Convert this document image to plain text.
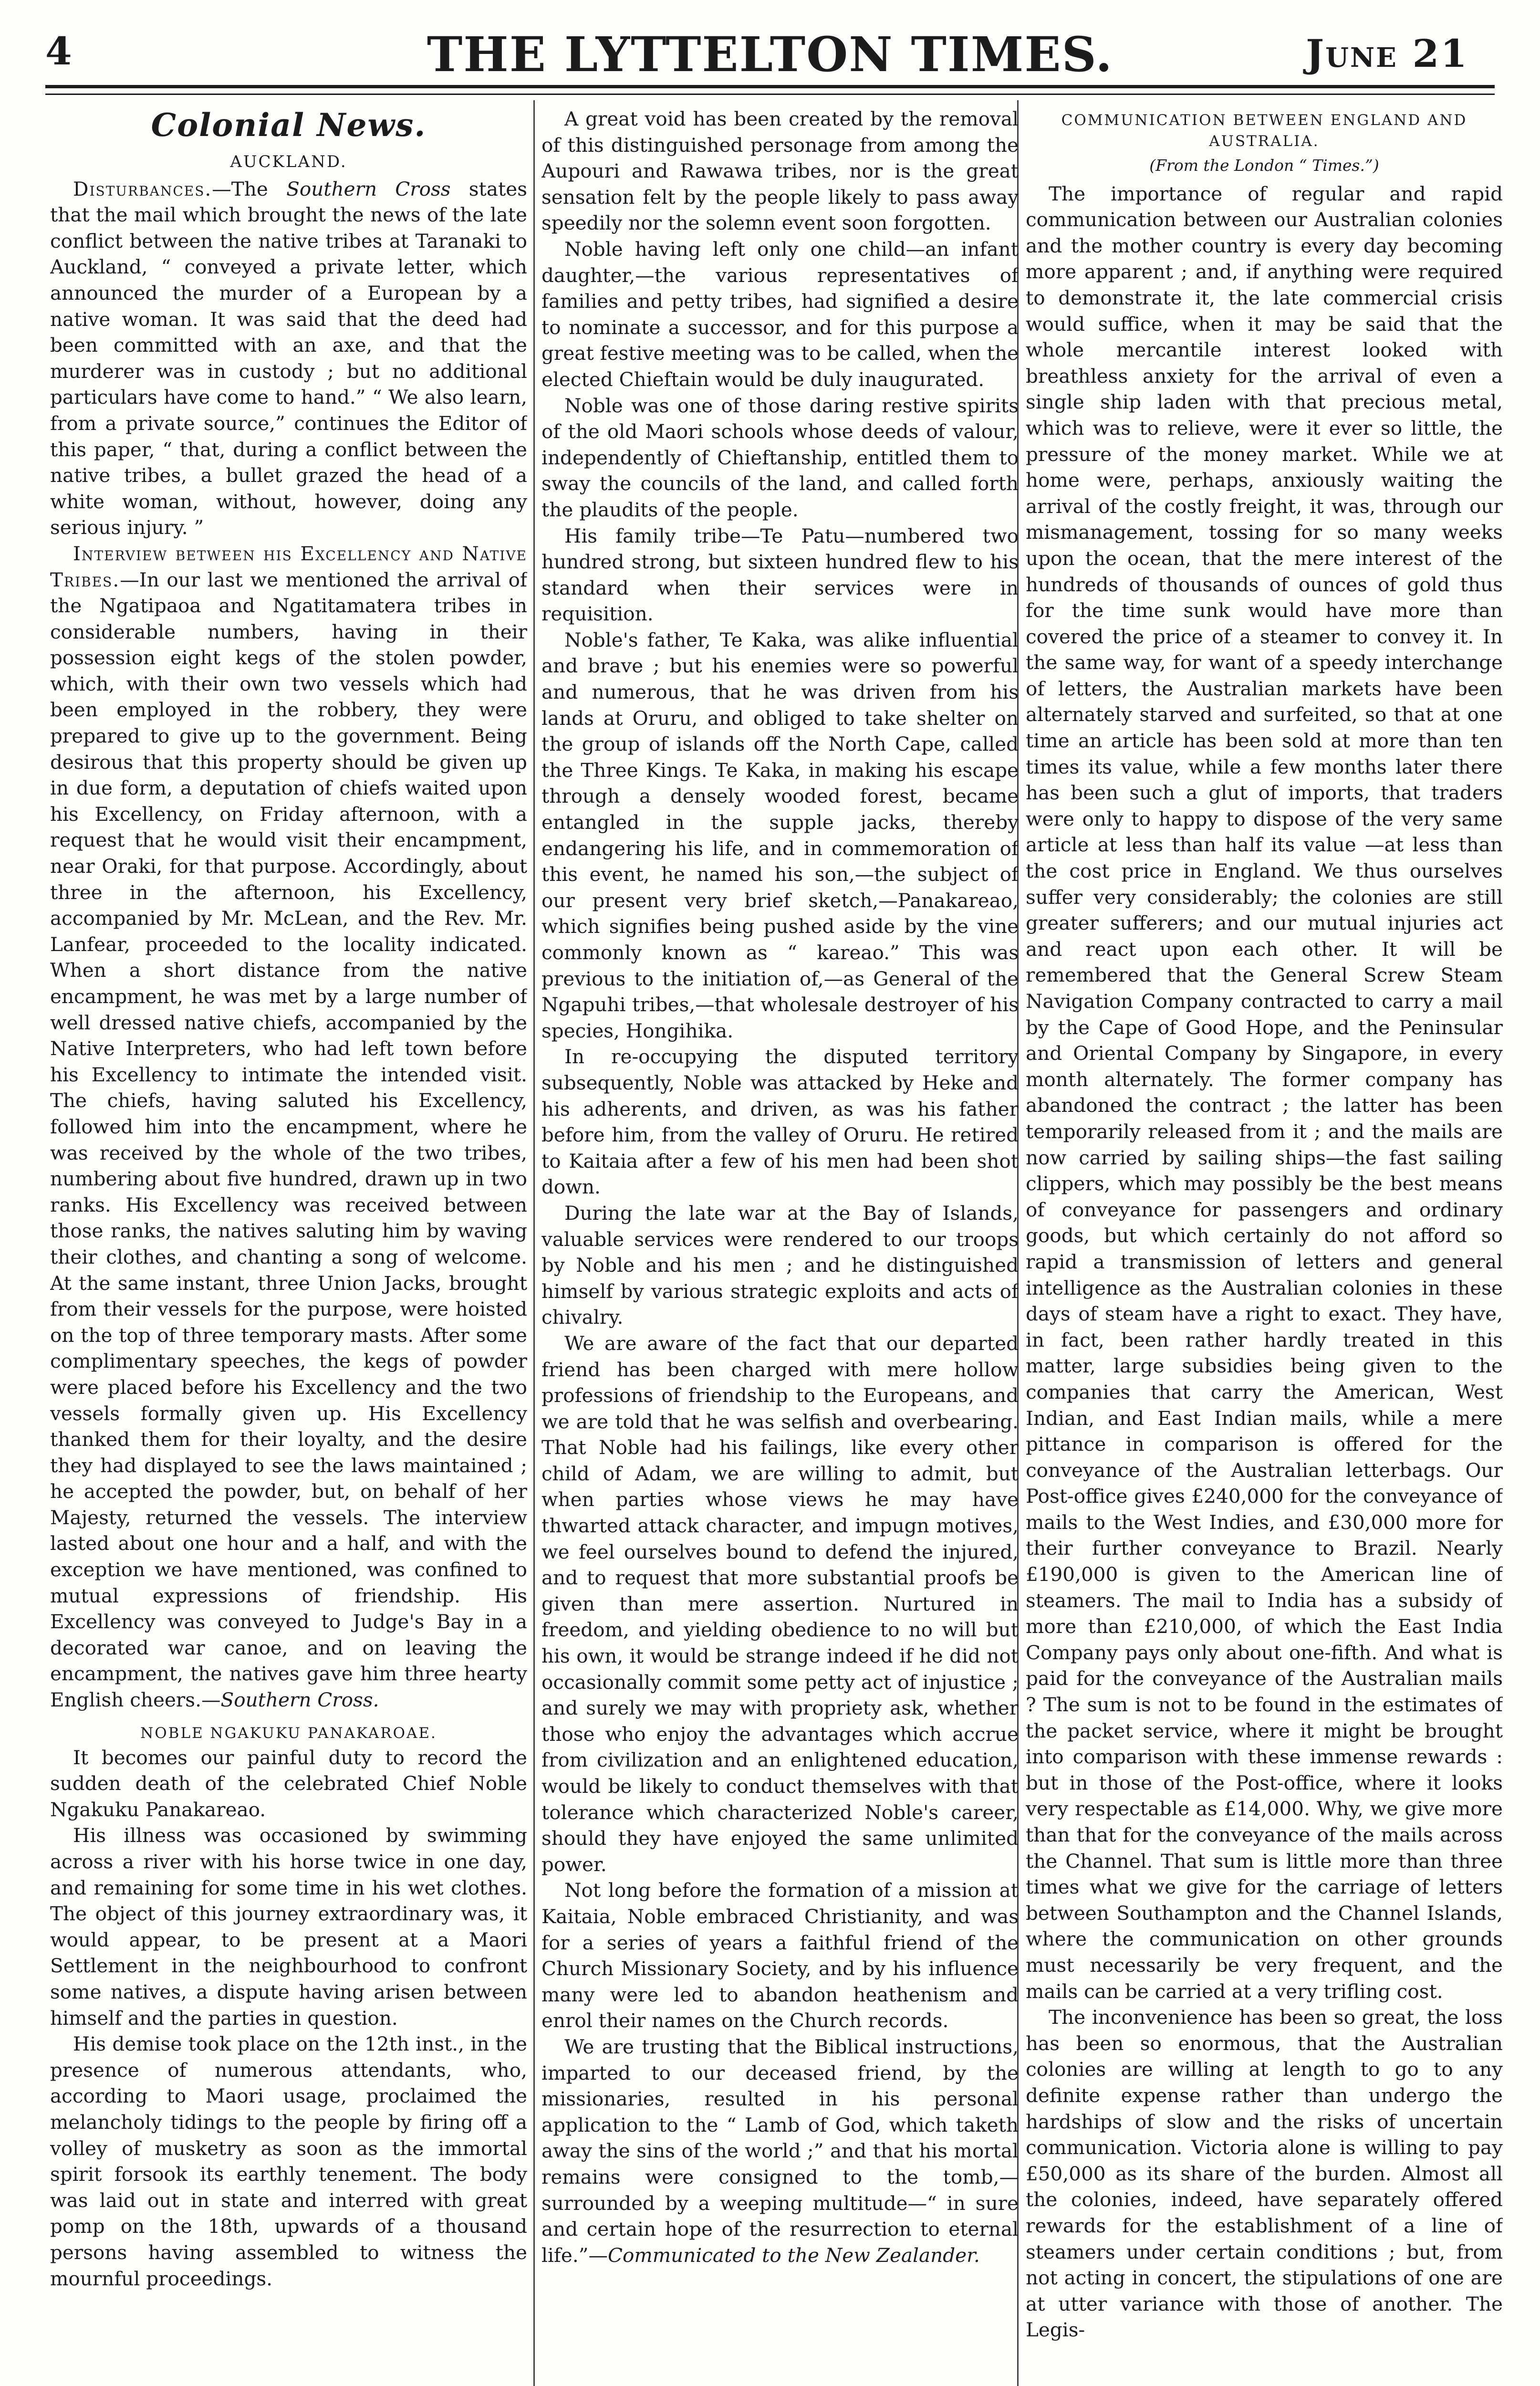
4	THE LYTTELTON TIMES.	June 21
Colonial News.
AUCKLAND.

Disturbances.—The Southern Cross states that the mail which brought the news of the late conflict between the native tribes at Taranaki to Auckland, “ conveyed a private letter, which announced the murder of a European by a native woman. It was said that the deed had been committed with an axe, and that the murderer was in custody ; but no additional particulars have come to hand.” “ We also learn, from a private source,” continues the Editor of this paper, “ that, during a conflict between the native tribes, a bullet grazed the head of a white woman, without, however, doing any serious injury. ”

Interview between his Excellency and Native Tribes.—In our last we mentioned the arrival of the Ngatipaoa and Ngatitamatera tribes in considerable numbers, having in their possession eight kegs of the stolen powder, which, with their own two vessels which had been employed in the robbery, they were prepared to give up to the government. Being desirous that this property should be given up in due form, a deputation of chiefs waited upon his Excellency, on Friday afternoon, with a request that he would visit their encampment, near Oraki, for that purpose. Accordingly, about three in the afternoon, his Excellency, accompanied by Mr. McLean, and the Rev. Mr. Lanfear, proceeded to the locality indicated. When a short distance from the native encampment, he was met by a large number of well dressed native chiefs, accompanied by the Native Interpreters, who had left town before his Excellency to intimate the intended visit. The chiefs, having saluted his Excellency, followed him into the encampment, where he was received by the whole of the two tribes, numbering about five hundred, drawn up in two ranks. His Excellency was received between those ranks, the natives saluting him by waving their clothes, and chanting a song of welcome. At the same instant, three Union Jacks, brought from their vessels for the purpose, were hoisted on the top of three temporary masts. After some complimentary speeches, the kegs of powder were placed before his Excellency and the two vessels formally given up. His Excellency thanked them for their loyalty, and the desire they had displayed to see the laws maintained ; he accepted the powder, but, on behalf of her Majesty, returned the vessels. The interview lasted about one hour and a half, and with the exception we have mentioned, was confined to mutual expressions of friendship. His Excellency was conveyed to Judge's Bay in a decorated war canoe, and on leaving the encampment, the natives gave him three hearty English cheers.—Southern Cross.

NOBLE NGAKUKU PANAKAROAE.

It becomes our painful duty to record the sudden death of the celebrated Chief Noble Ngakuku Panakareao.

His illness was occasioned by swimming across a river with his horse twice in one day, and remaining for some time in his wet clothes. The object of this journey extraordinary was, it would appear, to be present at a Maori Settlement in the neighbourhood to confront some natives, a dispute having arisen between himself and the parties in question.

His demise took place on the 12th inst., in the presence of numerous attendants, who, according to Maori usage, proclaimed the melancholy tidings to the people by firing off a volley of musketry as soon as the immortal spirit forsook its earthly tenement. The body was laid out in state and interred with great pomp on the 18th, upwards of a thousand persons having assembled to witness the mournful proceedings.

A great void has been created by the removal of this distinguished personage from among the Aupouri and Rawawa tribes, nor is the great sensation felt by the people likely to pass away speedily nor the solemn event soon forgotten.

Noble having left only one child—an infant daughter,—the various representatives of families and petty tribes, had signified a desire to nominate a successor, and for this purpose a great festive meeting was to be called, when the elected Chieftain would be duly inaugurated.

Noble was one of those daring restive spirits of the old Maori schools whose deeds of valour, independently of Chieftanship, entitled them to sway the councils of the land, and called forth the plaudits of the people.

His family tribe—Te Patu—numbered two hundred strong, but sixteen hundred flew to his standard when their services were in requisition.

Noble's father, Te Kaka, was alike influential and brave ; but his enemies were so powerful and numerous, that he was driven from his lands at Oruru, and obliged to take shelter on the group of islands off the North Cape, called the Three Kings. Te Kaka, in making his escape through a densely wooded forest, became entangled in the supple jacks, thereby endangering his life, and in commemoration of this event, he named his son,—the subject of our present very brief sketch,—Panakareao, which signifies being pushed aside by the vine commonly known as “ kareao.” This was previous to the initiation of,—as General of the Ngapuhi tribes,—that wholesale destroyer of his species, Hongihika.

In re-occupying the disputed territory subsequently, Noble was attacked by Heke and his adherents, and driven, as was his father before him, from the valley of Oruru. He retired to Kaitaia after a few of his men had been shot down.

During the late war at the Bay of Islands, valuable services were rendered to our troops by Noble and his men ; and he distinguished himself by various strategic exploits and acts of chivalry.

We are aware of the fact that our departed friend has been charged with mere hollow professions of friendship to the Europeans, and we are told that he was selfish and overbearing. That Noble had his failings, like every other child of Adam, we are willing to admit, but when parties whose views he may have thwarted attack character, and impugn motives, we feel ourselves bound to defend the injured, and to request that more substantial proofs be given than mere assertion. Nurtured in freedom, and yielding obedience to no will but his own, it would be strange indeed if he did not occasionally commit some petty act of injustice ; and surely we may with propriety ask, whether those who enjoy the advantages which accrue from civilization and an enlightened education, would be likely to conduct themselves with that tolerance which characterized Noble's career, should they have enjoyed the same unlimited power.

Not long before the formation of a mission at Kaitaia, Noble embraced Christianity, and was for a series of years a faithful friend of the Church Missionary Society, and by his influence many were led to abandon heathenism and enrol their names on the Church records.

We are trusting that the Biblical instructions, imparted to our deceased friend, by the missionaries, resulted in his personal application to the “ Lamb of God, which taketh away the sins of the world ;” and that his mortal remains were consigned to the tomb,—surrounded by a weeping multitude—“ in sure and certain hope of the resurrection to eternal life.”—Communicated to the New Zealander.

COMMUNICATION BETWEEN ENGLAND AND AUSTRALIA.
(From the London “ Times.”)

The importance of regular and rapid communication between our Australian colonies and the mother country is every day becoming more apparent ; and, if anything were required to demonstrate it, the late commercial crisis would suffice, when it may be said that the whole mercantile interest looked with breathless anxiety for the arrival of even a single ship laden with that precious metal, which was to relieve, were it ever so little, the pressure of the money market. While we at home were, perhaps, anxiously waiting the arrival of the costly freight, it was, through our mismanagement, tossing for so many weeks upon the ocean, that the mere interest of the hundreds of thousands of ounces of gold thus for the time sunk would have more than covered the price of a steamer to convey it. In the same way, for want of a speedy interchange of letters, the Australian markets have been alternately starved and surfeited, so that at one time an article has been sold at more than ten times its value, while a few months later there has been such a glut of imports, that traders were only to happy to dispose of the very same article at less than half its value —at less than the cost price in England. We thus ourselves suffer very considerably; the colonies are still greater sufferers; and our mutual injuries act and react upon each other. It will be remembered that the General Screw Steam Navigation Company contracted to carry a mail by the Cape of Good Hope, and the Peninsular and Oriental Company by Singapore, in every month alternately. The former company has abandoned the contract ; the latter has been temporarily released from it ; and the mails are now carried by sailing ships—the fast sailing clippers, which may possibly be the best means of conveyance for passengers and ordinary goods, but which certainly do not afford so rapid a transmission of letters and general intelligence as the Australian colonies in these days of steam have a right to exact. They have, in fact, been rather hardly treated in this matter, large subsidies being given to the companies that carry the American, West Indian, and East Indian mails, while a mere pittance in comparison is offered for the conveyance of the Australian letterbags. Our Post-office gives £240,000 for the conveyance of mails to the West Indies, and £30,000 more for their further conveyance to Brazil. Nearly £190,000 is given to the American line of steamers. The mail to India has a subsidy of more than £210,000, of which the East India Company pays only about one-fifth. And what is paid for the conveyance of the Australian mails ? The sum is not to be found in the estimates of the packet service, where it might be brought into comparison with these immense rewards : but in those of the Post-office, where it looks very respectable as £14,000. Why, we give more than that for the conveyance of the mails across the Channel. That sum is little more than three times what we give for the carriage of letters between Southampton and the Channel Islands, where the communication on other grounds must necessarily be very frequent, and the mails can be carried at a very trifling cost.

The inconvenience has been so great, the loss has been so enormous, that the Australian colonies are willing at length to go to any definite expense rather than undergo the hardships of slow and the risks of uncertain communication. Victoria alone is willing to pay £50,000 as its share of the burden. Almost all the colonies, indeed, have separately offered rewards for the establishment of a line of steamers under certain conditions ; but, from not acting in concert, the stipulations of one are at utter variance with those of another. The Legis-
